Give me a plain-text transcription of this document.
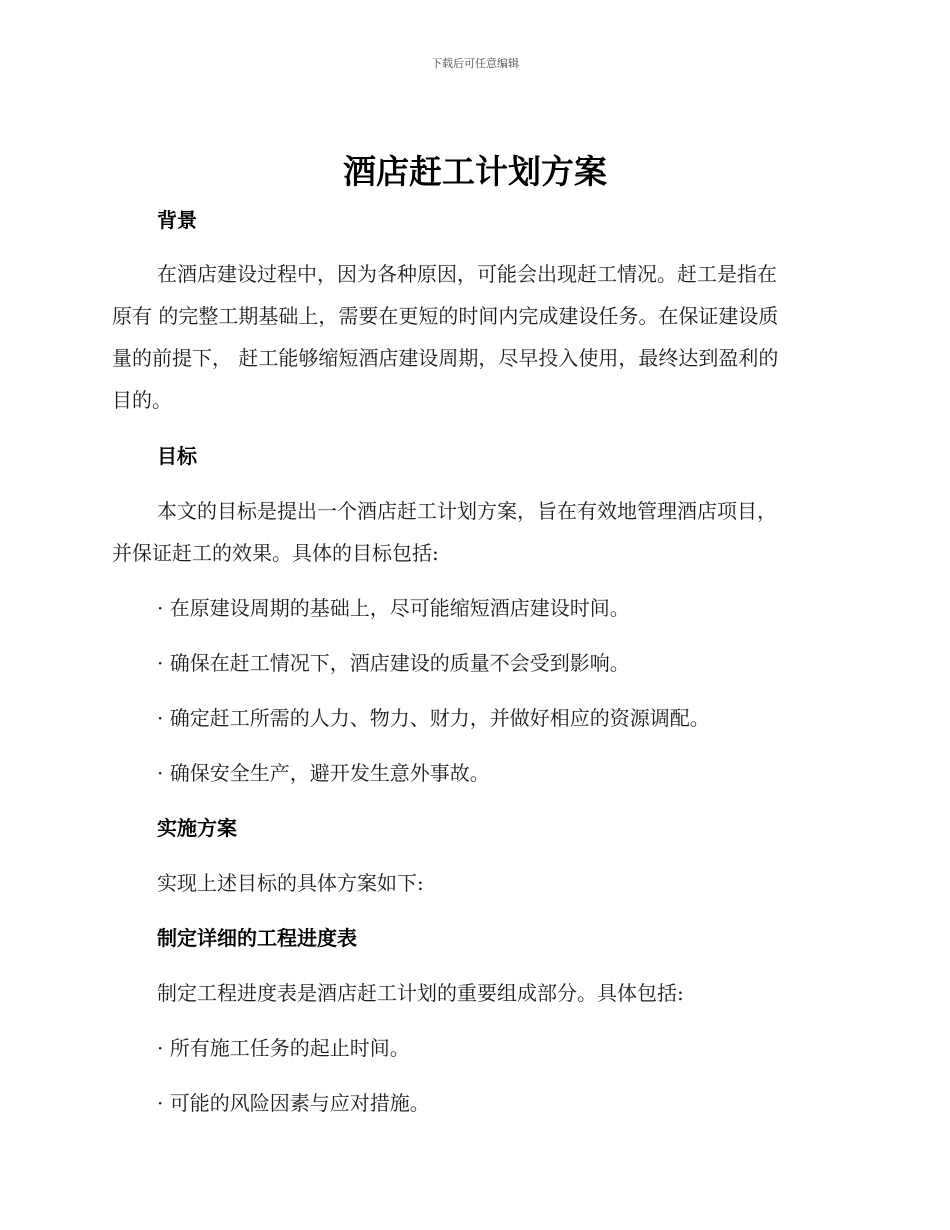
下载后可任意编辑
酒店赶工计划方案

背景

在酒店建设过程中，因为各种原因，可能会出现赶工情况。赶工是指在

原有 的完整工期基础上，需要在更短的时间内完成建设任务。在保证建设质

量的前提下， 赶工能够缩短酒店建设周期，尽早投入使用，最终达到盈利的

目的。

目标

本文的目标是提出一个酒店赶工计划方案，旨在有效地管理酒店项目，

并保证赶工的效果。具体的目标包括:

· 在原建设周期的基础上，尽可能缩短酒店建设时间。

· 确保在赶工情况下，酒店建设的质量不会受到影响。

· 确定赶工所需的人力、物力、财力，并做好相应的资源调配。

· 确保安全生产，避开发生意外事故。

实施方案

实现上述目标的具体方案如下:

制定详细的工程进度表

制定工程进度表是酒店赶工计划的重要组成部分。具体包括:

· 所有施工任务的起止时间。

· 可能的风险因素与应对措施。
